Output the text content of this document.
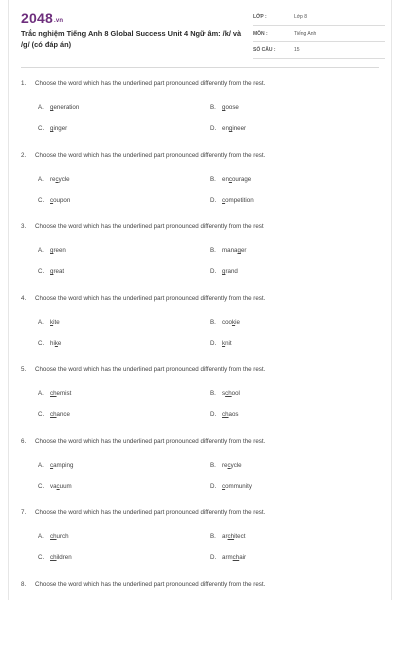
2048.vn
Trắc nghiệm Tiếng Anh 8 Global Success Unit 4 Ngữ âm: /k/ và /g/ (có đáp án)
LỚP :	Lớp 8
MÔN :	Tiếng Anh
SỐ CÂU :	15
1. Choose the word which has the underlined part pronounced differently from the rest.
A. generation	B. goose
C. ginger	D. engineer
2. Choose the word which has the underlined part pronounced differently from the rest.
A. recycle	B. encourage
C. coupon	D. competition
3. Choose the word which has the underlined part pronounced differently from the rest
A. green	B. manager
C. great	D. grand
4. Choose the word which has the underlined part pronounced differently from the rest.
A. kite	B. cookie
C. hike	D. knit
5. Choose the word which has the underlined part pronounced differently from the rest.
A. chemist	B. school
C. chance	D. chaos
6. Choose the word which has the underlined part pronounced differently from the rest.
A. camping	B. recycle
C. vacuum	D. community
7. Choose the word which has the underlined part pronounced differently from the rest.
A. church	B. architect
C. children	D. armchair
8. Choose the word which has the underlined part pronounced differently from the rest.
